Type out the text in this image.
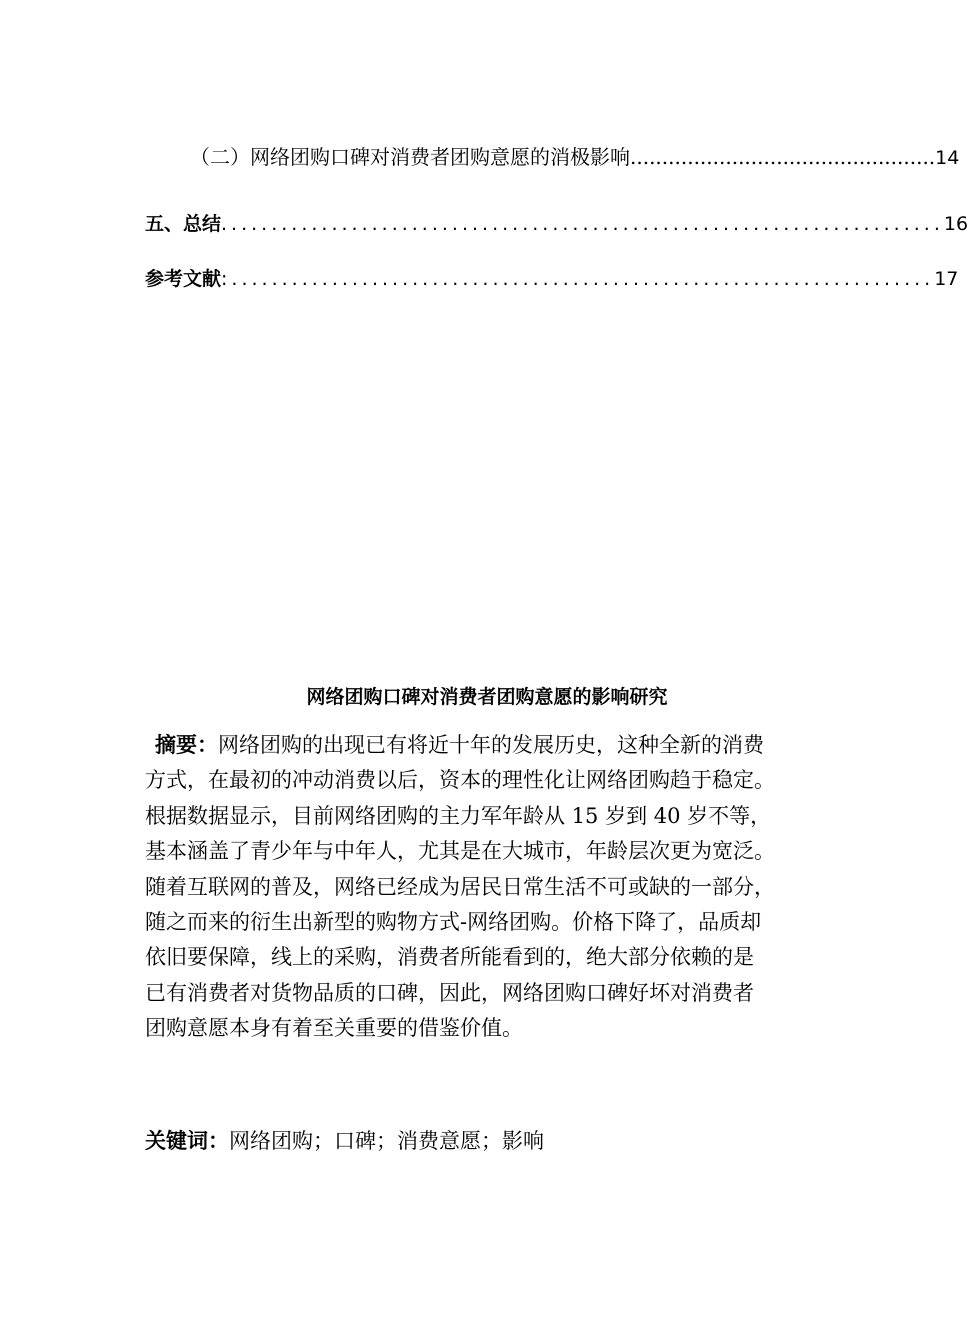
（二）网络团购口碑对消费者团购意愿的消极影响 ................................................ 14
五、总结 ........................................................................ 16
参考文献 :...................................................................... 17
网络团购口碑对消费者团购意愿的影响研究
摘要：网络团购的出现已有将近十年的发展历史，这种全新的消费
方式，在最初的冲动消费以后，资本的理性化让网络团购趋于稳定。
根据数据显示，目前网络团购的主力军年龄从 15 岁到 40 岁不等，
基本涵盖了青少年与中年人，尤其是在大城市，年龄层次更为宽泛。
随着互联网的普及，网络已经成为居民日常生活不可或缺的一部分，
随之而来的衍生出新型的购物方式-网络团购。价格下降了，品质却
依旧要保障，线上的采购，消费者所能看到的，绝大部分依赖的是
已有消费者对货物品质的口碑，因此，网络团购口碑好坏对消费者
团购意愿本身有着至关重要的借鉴价值。
关键词：网络团购；口碑；消费意愿；影响
